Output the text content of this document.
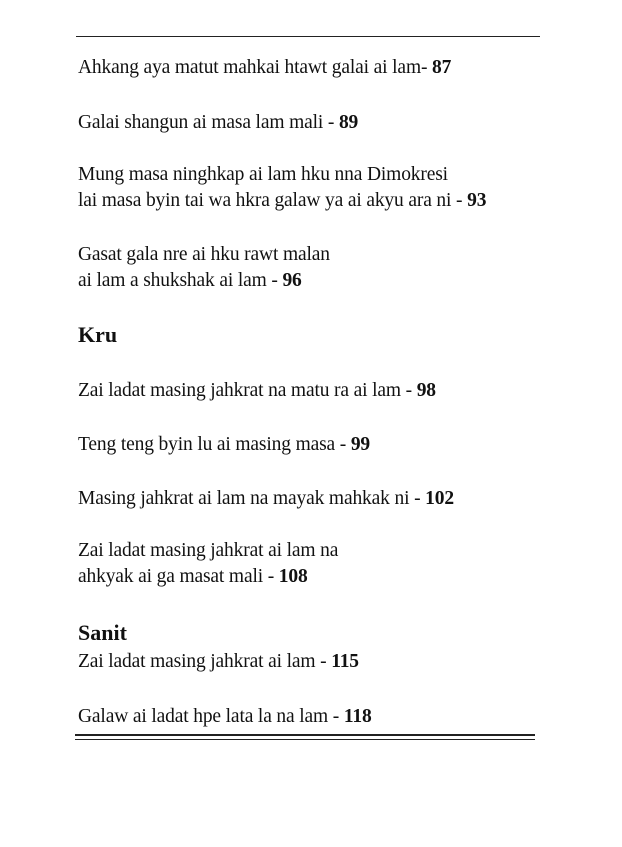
Ahkang aya matut mahkai htawt galai ai lam- 87
Galai shangun ai masa lam mali - 89
Mung masa ninghkap ai lam hku nna Dimokresi
lai masa byin tai wa hkra galaw ya ai akyu ara ni - 93
Gasat gala nre ai hku rawt malan
ai lam a shukshak ai lam - 96
Kru
Zai ladat masing jahkrat na matu ra ai lam - 98
Teng teng byin lu ai masing masa - 99
Masing jahkrat ai lam na mayak mahkak ni - 102
Zai ladat masing jahkrat ai lam na
ahkyak ai ga masat mali - 108
Sanit
Zai ladat masing jahkrat ai lam - 115
Galaw ai ladat hpe lata la na lam - 118
